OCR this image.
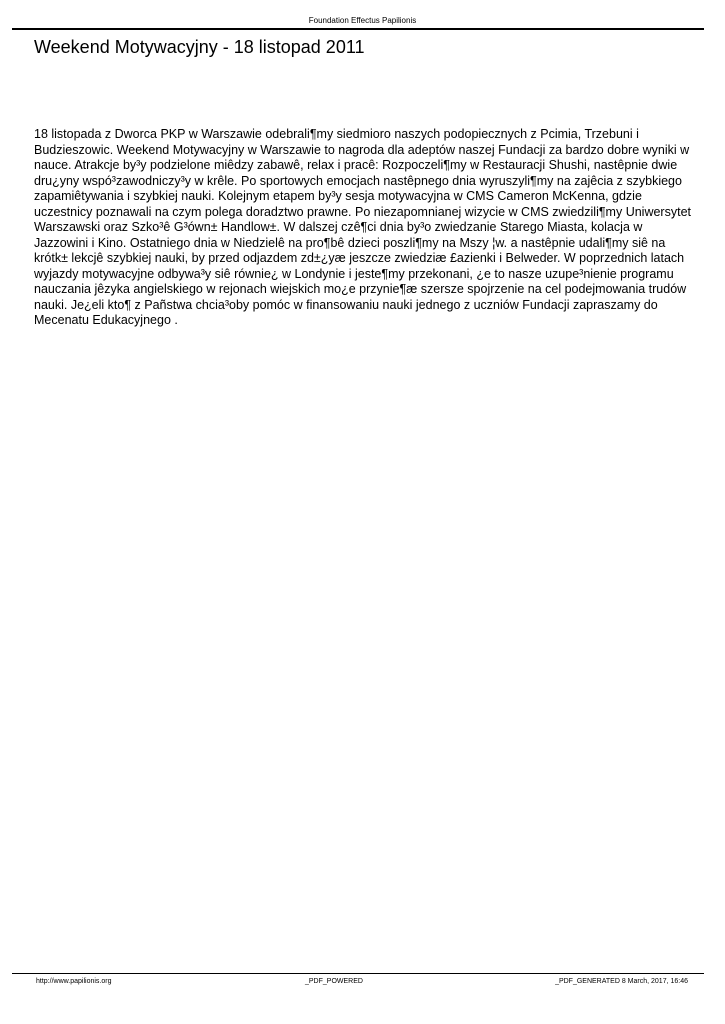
Foundation Effectus Papilionis
Weekend Motywacyjny - 18 listopad 2011

18 listopada z Dworca PKP w Warszawie odebrali¶my siedmioro naszych podopiecznych z Pcimia, Trzebuni i Budzieszowic. Weekend Motywacyjny w Warszawie to nagroda dla adeptów naszej Fundacji za bardzo dobre wyniki w nauce. Atrakcje by³y podzielone miêdzy zabawê, relax i pracê: Rozpoczeli¶my w Restauracji Shushi, nastêpnie dwie dru¿yny wspó³zawodniczy³y w krêle. Po sportowych emocjach nastêpnego dnia wyruszyli¶my na zajêcia z szybkiego zapamiêtywania i szybkiej nauki. Kolejnym etapem by³y sesja motywacyjna w CMS Cameron McKenna, gdzie uczestnicy poznawali na czym polega doradztwo prawne. Po niezapomnianej wizycie w CMS zwiedzili¶my Uniwersytet Warszawski oraz Szko³ê G³ówn± Handlow±. W dalszej czê¶ci dnia by³o zwiedzanie Starego Miasta, kolacja w Jazzowini i Kino. Ostatniego dnia w Niedzielê na pro¶bê dzieci poszli¶my na Mszy ¦w. a nastêpnie udali¶my siê na krótk± lekcjê szybkiej nauki, by przed odjazdem zd±¿yæ jeszcze zwiedziæ £azienki i Belweder. W poprzednich latach wyjazdy motywacyjne odbywa³y siê równie¿ w Londynie i jeste¶my przekonani, ¿e to nasze uzupe³nienie programu nauczania jêzyka angielskiego w rejonach wiejskich mo¿e przynie¶æ szersze spojrzenie na cel podejmowania trudów nauki. Je¿eli kto¶ z Pañstwa chcia³oby pomóc w finansowaniu nauki jednego z uczniów Fundacji zapraszamy do Mecenatu Edukacyjnego .

http://www.papilionis.org	_PDF_POWERED	_PDF_GENERATED 8 March, 2017, 16:46
